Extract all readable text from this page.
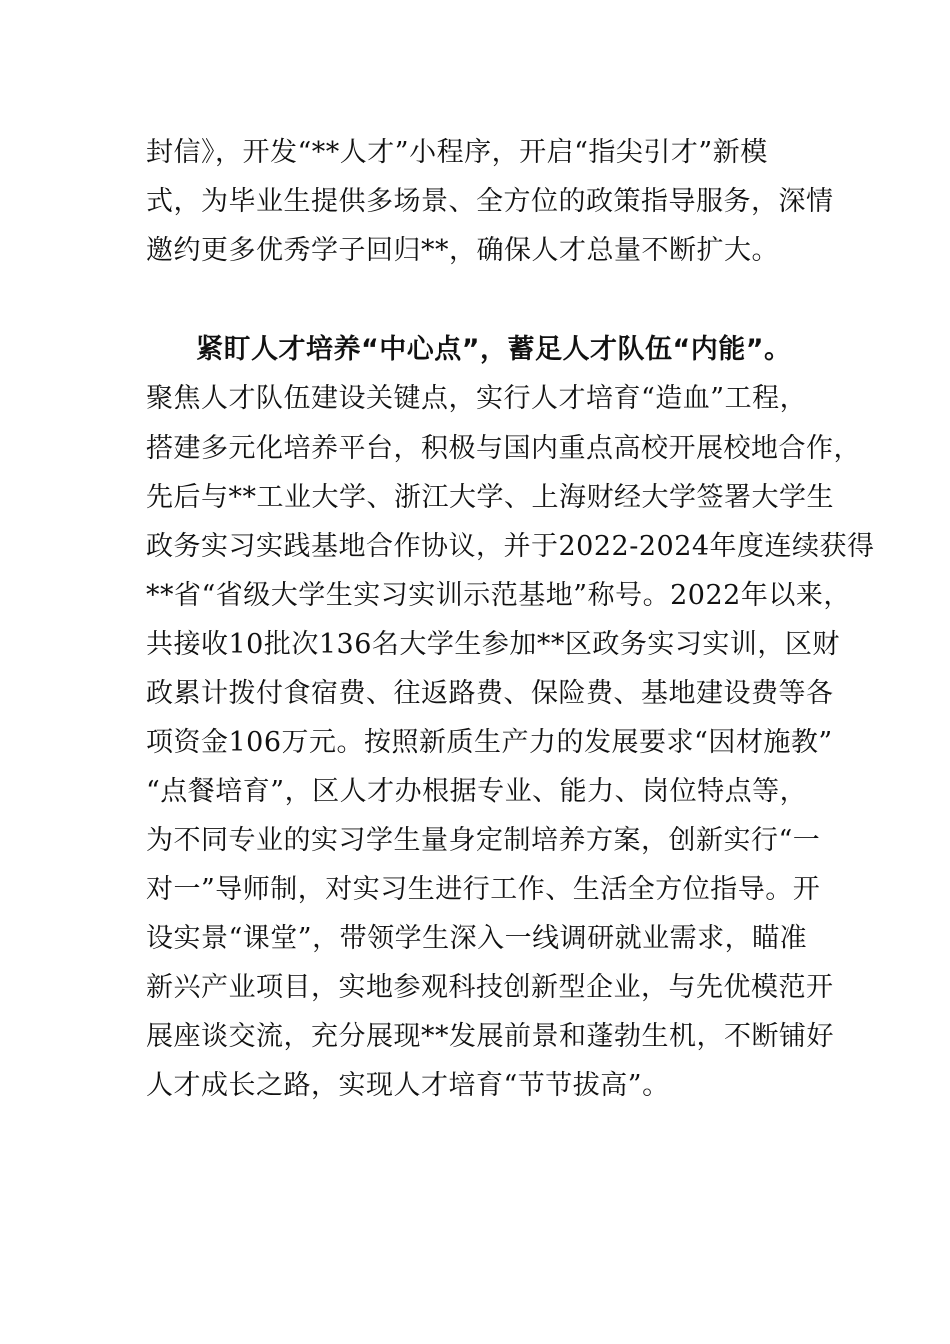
封信》，开发“**人才”小程序，开启“指尖引才”新模
式，为毕业生提供多场景、全方位的政策指导服务，深情
邀约更多优秀学子回归**，确保人才总量不断扩大。
紧盯人才培养“中心点”，蓄足人才队伍“内能”。
聚焦人才队伍建设关键点，实行人才培育“造血”工程，
搭建多元化培养平台，积极与国内重点高校开展校地合作，
先后与**工业大学、浙江大学、上海财经大学签署大学生
政务实习实践基地合作协议，并于2022-2024年度连续获得
**省“省级大学生实习实训示范基地”称号。2022年以来，
共接收10批次136名大学生参加**区政务实习实训，区财
政累计拨付食宿费、往返路费、保险费、基地建设费等各
项资金106万元。按照新质生产力的发展要求“因材施教”
“点餐培育”，区人才办根据专业、能力、岗位特点等，
为不同专业的实习学生量身定制培养方案，创新实行“一
对一”导师制，对实习生进行工作、生活全方位指导。开
设实景“课堂”，带领学生深入一线调研就业需求，瞄准
新兴产业项目，实地参观科技创新型企业，与先优模范开
展座谈交流，充分展现**发展前景和蓬勃生机，不断铺好
人才成长之路，实现人才培育“节节拔高”。
